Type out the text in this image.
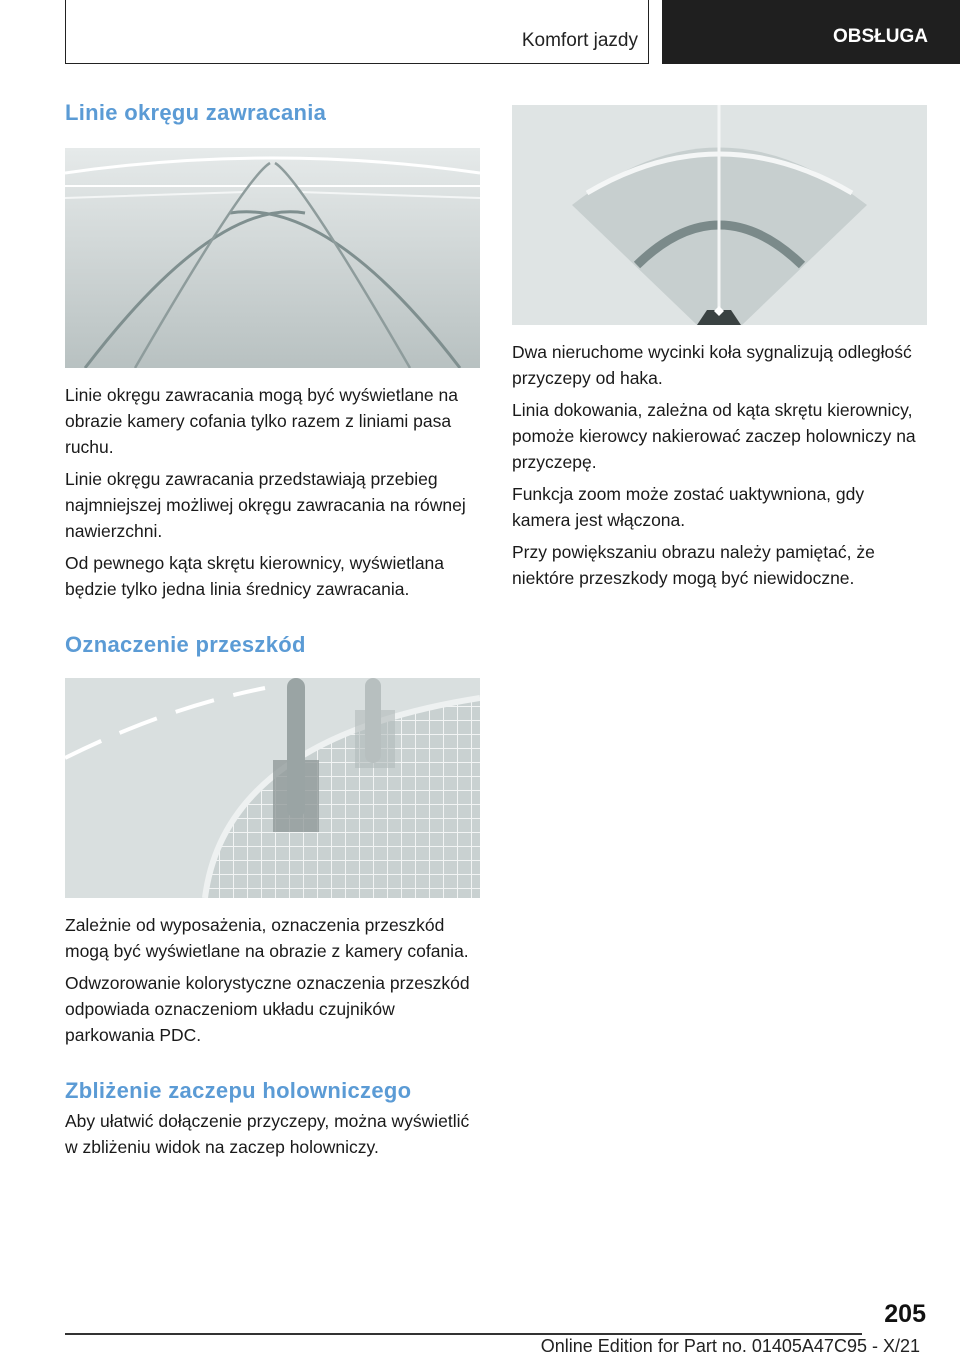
Komfort jazdy	OBSŁUGA
Linie okręgu zawracania

Linie okręgu zawracania mogą być wyświetlane na obrazie kamery cofania tylko razem z liniami pasa ruchu.

Linie okręgu zawracania przedstawiają przebieg najmniejszej możliwej okręgu zawracania na równej nawierzchni.

Od pewnego kąta skrętu kierownicy, wyświetlana będzie tylko jedna linia średnicy zawracania.

Oznaczenie przeszkód

Zależnie od wyposażenia, oznaczenia przeszkód mogą być wyświetlane na obrazie z kamery cofania.

Odwzorowanie kolorystyczne oznaczenia przeszkód odpowiada oznaczeniom układu czujników parkowania PDC.

Zbliżenie zaczepu holowniczego

Aby ułatwić dołączenie przyczepy, można wyświetlić w zbliżeniu widok na zaczep holowniczy.

Dwa nieruchome wycinki koła sygnalizują odległość przyczepy od haka.

Linia dokowania, zależna od kąta skrętu kierownicy, pomoże kierowcy nakierować zaczep holowniczy na przyczepę.

Funkcja zoom może zostać uaktywniona, gdy kamera jest włączona.

Przy powiększaniu obrazu należy pamiętać, że niektóre przeszkody mogą być niewidoczne.

205
Online Edition for Part no. 01405A47C95 - X/21
